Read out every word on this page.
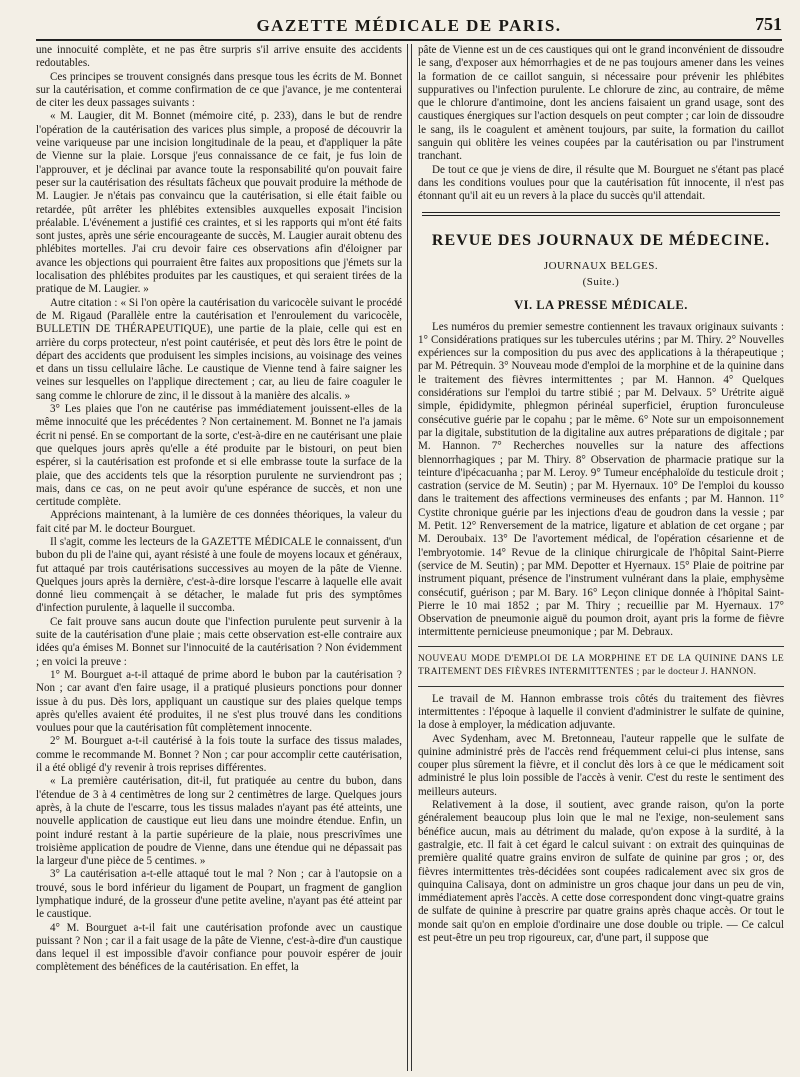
GAZETTE MÉDICALE DE PARIS.	751

une innocuité complète, et ne pas être surpris s'il arrive ensuite des accidents redoutables.

Ces principes se trouvent consignés dans presque tous les écrits de M. Bonnet sur la cautérisation, et comme confirmation de ce que j'avance, je me contenterai de citer les deux passages suivants :

« M. Laugier, dit M. Bonnet (mémoire cité, p. 233), dans le but de rendre l'opération de la cautérisation des varices plus simple, a proposé de découvrir la veine variqueuse par une incision longitudinale de la peau, et d'appliquer la pâte de Vienne sur la plaie. Lorsque j'eus connaissance de ce fait, je fus loin de l'approuver, et je déclinai par avance toute la responsabilité qu'on pouvait faire peser sur la cautérisation des résultats fâcheux que pouvait produire la méthode de M. Laugier. Je n'étais pas convaincu que la cautérisation, si elle était faible ou retardée, pût arrêter les phlébites extensibles auxquelles exposait l'incision préalable. L'événement a justifié ces craintes, et si les rapports qui m'ont été faits sont justes, après une série encourageante de succès, M. Laugier aurait obtenu des phlébites mortelles. J'ai cru devoir faire ces observations afin d'éloigner par avance les objections qui pourraient être faites aux propositions que j'émets sur la localisation des phlébites produites par les caustiques, et qui seraient tirées de la pratique de M. Laugier. »

Autre citation : « Si l'on opère la cautérisation du varicocèle suivant le procédé de M. Rigaud (Parallèle entre la cautérisation et l'enroulement du varicocèle, BULLETIN DE THÉRAPEUTIQUE), une partie de la plaie, celle qui est en arrière du corps protecteur, n'est point cautérisée, et peut dès lors être le point de départ des accidents que produisent les simples incisions, au voisinage des veines et dans un tissu cellulaire lâche. Le caustique de Vienne tend à faire saigner les veines sur lesquelles on l'applique directement ; car, au lieu de faire coaguler le sang comme le chlorure de zinc, il le dissout à la manière des alcalis. »

3° Les plaies que l'on ne cautérise pas immédiatement jouissent-elles de la même innocuité que les précédentes ? Non certainement. M. Bonnet ne l'a jamais écrit ni pensé. En se comportant de la sorte, c'est-à-dire en ne cautérisant une plaie que quelques jours après qu'elle a été produite par le bistouri, on peut bien espérer, si la cautérisation est profonde et si elle embrasse toute la surface de la plaie, que des accidents tels que la résorption purulente ne surviendront pas ; mais, dans ce cas, on ne peut avoir qu'une espérance de succès, et non une certitude complète.

Apprécions maintenant, à la lumière de ces données théoriques, la valeur du fait cité par M. le docteur Bourguet.

Il s'agit, comme les lecteurs de la GAZETTE MÉDICALE le connaissent, d'un bubon du pli de l'aine qui, ayant résisté à une foule de moyens locaux et généraux, fut attaqué par trois cautérisations successives au moyen de la pâte de Vienne. Quelques jours après la dernière, c'est-à-dire lorsque l'escarre à laquelle elle avait donné lieu commençait à se détacher, le malade fut pris des symptômes d'infection purulente, à laquelle il succomba.

Ce fait prouve sans aucun doute que l'infection purulente peut survenir à la suite de la cautérisation d'une plaie ; mais cette observation est-elle contraire aux idées qu'a émises M. Bonnet sur l'innocuité de la cautérisation ? Non évidemment ; en voici la preuve :

1° M. Bourguet a-t-il attaqué de prime abord le bubon par la cautérisation ? Non ; car avant d'en faire usage, il a pratiqué plusieurs ponctions pour donner issue à du pus. Dès lors, appliquant un caustique sur des plaies quelque temps après qu'elles avaient été produites, il ne s'est plus trouvé dans les conditions voulues pour que la cautérisation fût complètement innocente.

2° M. Bourguet a-t-il cautérisé à la fois toute la surface des tissus malades, comme le recommande M. Bonnet ? Non ; car pour accomplir cette cautérisation, il a été obligé d'y revenir à trois reprises différentes.

« La première cautérisation, dit-il, fut pratiquée au centre du bubon, dans l'étendue de 3 à 4 centimètres de long sur 2 centimètres de large. Quelques jours après, à la chute de l'escarre, tous les tissus malades n'ayant pas été atteints, une nouvelle application de caustique eut lieu dans une moindre étendue. Enfin, un point induré restant à la partie supérieure de la plaie, nous prescrivîmes une troisième application de poudre de Vienne, dans une étendue qui ne dépassait pas la largeur d'une pièce de 5 centimes. »

3° La cautérisation a-t-elle attaqué tout le mal ? Non ; car à l'autopsie on a trouvé, sous le bord inférieur du ligament de Poupart, un fragment de ganglion lymphatique induré, de la grosseur d'une petite aveline, n'ayant pas été atteint par le caustique.

4° M. Bourguet a-t-il fait une cautérisation profonde avec un caustique puissant ? Non ; car il a fait usage de la pâte de Vienne, c'est-à-dire d'un caustique dans lequel il est impossible d'avoir confiance pour pouvoir espérer de jouir complètement des bénéfices de la cautérisation. En effet, la

pâte de Vienne est un de ces caustiques qui ont le grand inconvénient de dissoudre le sang, d'exposer aux hémorrhagies et de ne pas toujours amener dans les veines la formation de ce caillot sanguin, si nécessaire pour prévenir les phlébites suppuratives ou l'infection purulente. Le chlorure de zinc, au contraire, de même que le chlorure d'antimoine, dont les anciens faisaient un grand usage, sont des caustiques énergiques sur l'action desquels on peut compter ; car loin de dissoudre le sang, ils le coagulent et amènent toujours, par suite, la formation du caillot sanguin qui oblitère les veines coupées par la cautérisation ou par l'instrument tranchant.

De tout ce que je viens de dire, il résulte que M. Bourguet ne s'étant pas placé dans les conditions voulues pour que la cautérisation fût innocente, il n'est pas étonnant qu'il ait eu un revers à la place du succès qu'il attendait.

REVUE DES JOURNAUX DE MÉDECINE.
JOURNAUX BELGES.
(Suite.)
VI. LA PRESSE MÉDICALE.

Les numéros du premier semestre contiennent les travaux originaux suivants : 1° Considérations pratiques sur les tubercules utérins ; par M. Thiry. 2° Nouvelles expériences sur la composition du pus avec des applications à la thérapeutique ; par M. Pétrequin. 3° Nouveau mode d'emploi de la morphine et de la quinine dans le traitement des fièvres intermittentes ; par M. Hannon. 4° Quelques considérations sur l'emploi du tartre stibié ; par M. Delvaux. 5° Urétrite aiguë simple, épididymite, phlegmon périnéal superficiel, éruption furonculeuse consécutive guérie par le copahu ; par le même. 6° Note sur un empoisonnement par la digitale, substitution de la digitaline aux autres préparations de digitale ; par M. Hannon. 7° Recherches nouvelles sur la nature des affections blennorrhagiques ; par M. Thiry. 8° Observation de pharmacie pratique sur la teinture d'ipécacuanha ; par M. Leroy. 9° Tumeur encéphaloïde du testicule droit ; castration (service de M. Seutin) ; par M. Hyernaux. 10° De l'emploi du kousso dans le traitement des affections vermineuses des enfants ; par M. Hannon. 11° Cystite chronique guérie par les injections d'eau de goudron dans la vessie ; par M. Petit. 12° Renversement de la matrice, ligature et ablation de cet organe ; par M. Deroubaix. 13° De l'avortement médical, de l'opération césarienne et de l'embryotomie. 14° Revue de la clinique chirurgicale de l'hôpital Saint-Pierre (service de M. Seutin) ; par MM. Depotter et Hyernaux. 15° Plaie de poitrine par instrument piquant, présence de l'instrument vulnérant dans la plaie, emphysème consécutif, guérison ; par M. Bary. 16° Leçon clinique donnée à l'hôpital Saint-Pierre le 10 mai 1852 ; par M. Thiry ; recueillie par M. Hyernaux. 17° Observation de pneumonie aiguë du poumon droit, ayant pris la forme de fièvre intermittente pernicieuse pneumonique ; par M. Debraux.

NOUVEAU MODE D'EMPLOI DE LA MORPHINE ET DE LA QUININE DANS LE TRAITEMENT DES FIÈVRES INTERMITTENTES ; par le docteur J. HANNON.

Le travail de M. Hannon embrasse trois côtés du traitement des fièvres intermittentes : l'époque à laquelle il convient d'administrer le sulfate de quinine, la dose à employer, la médication adjuvante.

Avec Sydenham, avec M. Bretonneau, l'auteur rappelle que le sulfate de quinine administré près de l'accès rend fréquemment celui-ci plus intense, sans couper plus sûrement la fièvre, et il conclut dès lors à ce que le médicament soit administré le plus loin possible de l'accès à venir. C'est du reste le sentiment des meilleurs auteurs.

Relativement à la dose, il soutient, avec grande raison, qu'on la porte généralement beaucoup plus loin que le mal ne l'exige, non-seulement sans bénéfice aucun, mais au détriment du malade, qu'on expose à la surdité, à la gastralgie, etc. Il fait à cet égard le calcul suivant : on extrait des quinquinas de première qualité quatre grains environ de sulfate de quinine par gros ; or, des fièvres intermittentes très-décidées sont coupées radicalement avec six gros de quinquina Calisaya, dont on administre un gros chaque jour dans un peu de vin, immédiatement après l'accès. A cette dose correspondent donc vingt-quatre grains de sulfate de quinine à prescrire par quatre grains après chaque accès. Or tout le monde sait qu'on en emploie d'ordinaire une dose double ou triple. — Ce calcul est peut-être un peu trop rigoureux, car, d'une part, il suppose que
